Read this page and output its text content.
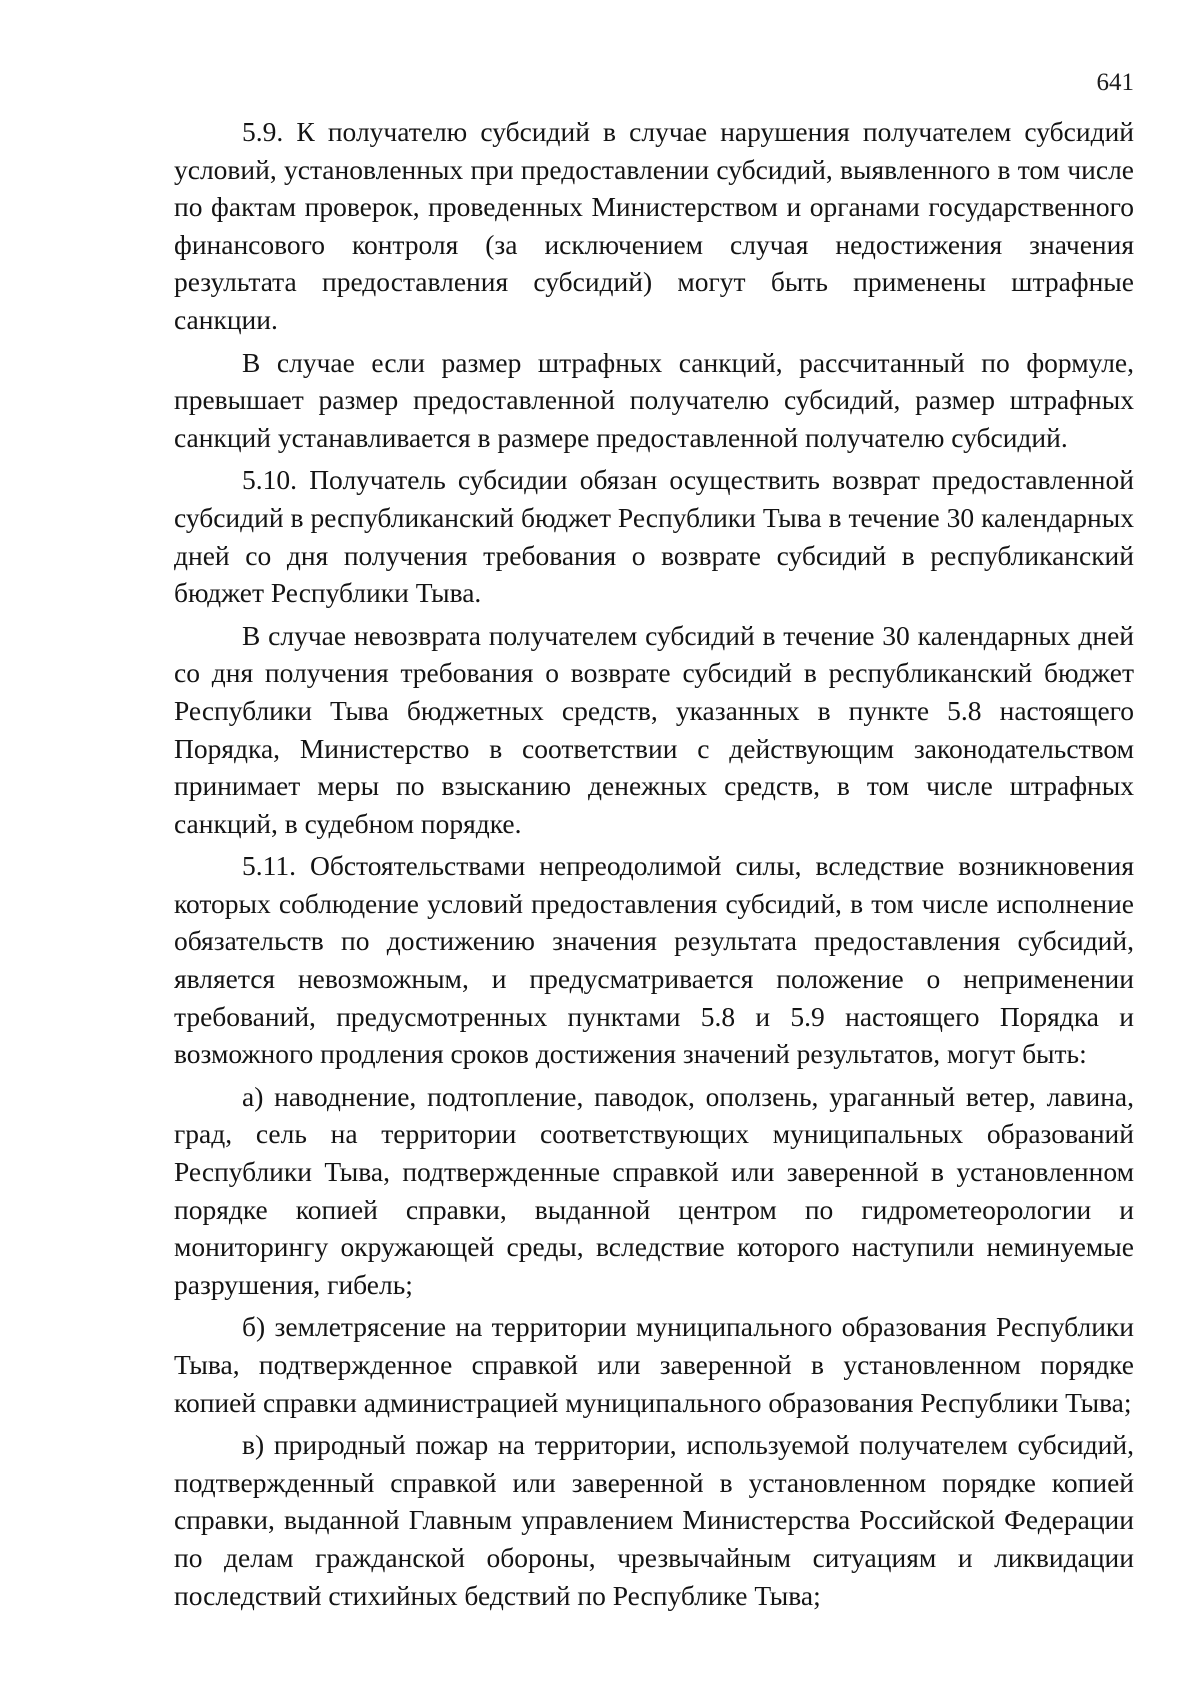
641

5.9. К получателю субсидий в случае нарушения получателем субсидий условий, установленных при предоставлении субсидий, выявленного в том числе по фактам проверок, проведенных Министерством и органами государственного финансового контроля (за исключением случая недостижения значения результата предоставления субсидий) могут быть применены штрафные санкции.

В случае если размер штрафных санкций, рассчитанный по формуле, превышает размер предоставленной получателю субсидий, размер штрафных санкций устанавливается в размере предоставленной получателю субсидий.

5.10. Получатель субсидии обязан осуществить возврат предоставленной субсидий в республиканский бюджет Республики Тыва в течение 30 календарных дней со дня получения требования о возврате субсидий в республиканский бюджет Республики Тыва.

В случае невозврата получателем субсидий в течение 30 календарных дней со дня получения требования о возврате субсидий в республиканский бюджет Республики Тыва бюджетных средств, указанных в пункте 5.8 настоящего Порядка, Министерство в соответствии с действующим законодательством принимает меры по взысканию денежных средств, в том числе штрафных санкций, в судебном порядке.

5.11. Обстоятельствами непреодолимой силы, вследствие возникновения которых соблюдение условий предоставления субсидий, в том числе исполнение обязательств по достижению значения результата предоставления субсидий, является невозможным, и предусматривается положение о неприменении требований, предусмотренных пунктами 5.8 и 5.9 настоящего Порядка и возможного продления сроков достижения значений результатов, могут быть:

а) наводнение, подтопление, паводок, оползень, ураганный ветер, лавина, град, сель на территории соответствующих муниципальных образований Республики Тыва, подтвержденные справкой или заверенной в установленном порядке копией справки, выданной центром по гидрометеорологии и мониторингу окружающей среды, вследствие которого наступили неминуемые разрушения, гибель;

б) землетрясение на территории муниципального образования Республики Тыва, подтвержденное справкой или заверенной в установленном порядке копией справки администрацией муниципального образования Республики Тыва;

в) природный пожар на территории, используемой получателем субсидий, подтвержденный справкой или заверенной в установленном порядке копией справки, выданной Главным управлением Министерства Российской Федерации по делам гражданской обороны, чрезвычайным ситуациям и ликвидации последствий стихийных бедствий по Республике Тыва;
